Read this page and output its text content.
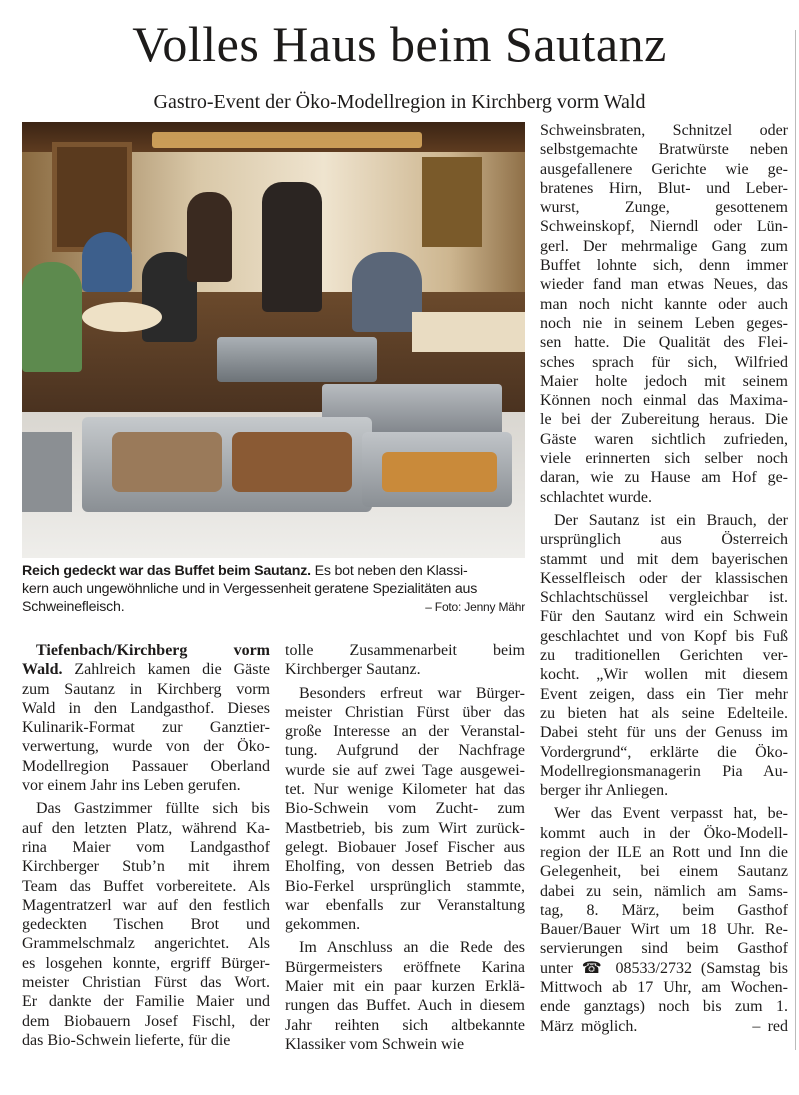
Volles Haus beim Sautanz
Gastro-Event der Öko-Modellregion in Kirchberg vorm Wald
Reich gedeckt war das Buffet beim Sautanz. Es bot neben den Klassi-
kern auch ungewöhnliche und in Vergessenheit geratene Spezialitäten aus
Schweinefleisch.	– Foto: Jenny Mähr
Tiefenbach/Kirchberg vorm
Wald. Zahlreich kamen die Gäste
zum Sautanz in Kirchberg vorm
Wald in den Landgasthof. Dieses
Kulinarik-Format zur Ganztier-
verwertung, wurde von der Öko-
Modellregion Passauer Oberland
vor einem Jahr ins Leben gerufen.
Das Gastzimmer füllte sich bis
auf den letzten Platz, während Ka-
rina Maier vom Landgasthof
Kirchberger Stub’n mit ihrem
Team das Buffet vorbereitete. Als
Magentratzerl war auf den festlich
gedeckten Tischen Brot und
Grammelschmalz angerichtet. Als
es losgehen konnte, ergriff Bürger-
meister Christian Fürst das Wort.
Er dankte der Familie Maier und
dem Biobauern Josef Fischl, der
das Bio-Schwein lieferte, für die
tolle Zusammenarbeit beim
Kirchberger Sautanz.
Besonders erfreut war Bürger-
meister Christian Fürst über das
große Interesse an der Veranstal-
tung. Aufgrund der Nachfrage
wurde sie auf zwei Tage ausgewei-
tet. Nur wenige Kilometer hat das
Bio-Schwein vom Zucht- zum
Mastbetrieb, bis zum Wirt zurück-
gelegt. Biobauer Josef Fischer aus
Eholfing, von dessen Betrieb das
Bio-Ferkel ursprünglich stammte,
war ebenfalls zur Veranstaltung
gekommen.
Im Anschluss an die Rede des
Bürgermeisters eröffnete Karina
Maier mit ein paar kurzen Erklä-
rungen das Buffet. Auch in diesem
Jahr reihten sich altbekannte
Klassiker vom Schwein wie
Schweinsbraten, Schnitzel oder
selbstgemachte Bratwürste neben
ausgefallenere Gerichte wie ge-
bratenes Hirn, Blut- und Leber-
wurst, Zunge, gesottenem
Schweinskopf, Nierndl oder Lün-
gerl. Der mehrmalige Gang zum
Buffet lohnte sich, denn immer
wieder fand man etwas Neues, das
man noch nicht kannte oder auch
noch nie in seinem Leben geges-
sen hatte. Die Qualität des Flei-
sches sprach für sich, Wilfried
Maier holte jedoch mit seinem
Können noch einmal das Maxima-
le bei der Zubereitung heraus. Die
Gäste waren sichtlich zufrieden,
viele erinnerten sich selber noch
daran, wie zu Hause am Hof ge-
schlachtet wurde.
Der Sautanz ist ein Brauch, der
ursprünglich aus Österreich
stammt und mit dem bayerischen
Kesselfleisch oder der klassischen
Schlachtschüssel vergleichbar ist.
Für den Sautanz wird ein Schwein
geschlachtet und von Kopf bis Fuß
zu traditionellen Gerichten ver-
kocht. „Wir wollen mit diesem
Event zeigen, dass ein Tier mehr
zu bieten hat als seine Edelteile.
Dabei steht für uns der Genuss im
Vordergrund“, erklärte die Öko-
Modellregionsmanagerin Pia Au-
berger ihr Anliegen.
Wer das Event verpasst hat, be-
kommt auch in der Öko-Modell-
region der ILE an Rott und Inn die
Gelegenheit, bei einem Sautanz
dabei zu sein, nämlich am Sams-
tag, 8. März, beim Gasthof
Bauer/Bauer Wirt um 18 Uhr. Re-
servierungen sind beim Gasthof
unter ☎ 08533/2732 (Samstag bis
Mittwoch ab 17 Uhr, am Wochen-
ende ganztags) noch bis zum 1.
März möglich.                – red
